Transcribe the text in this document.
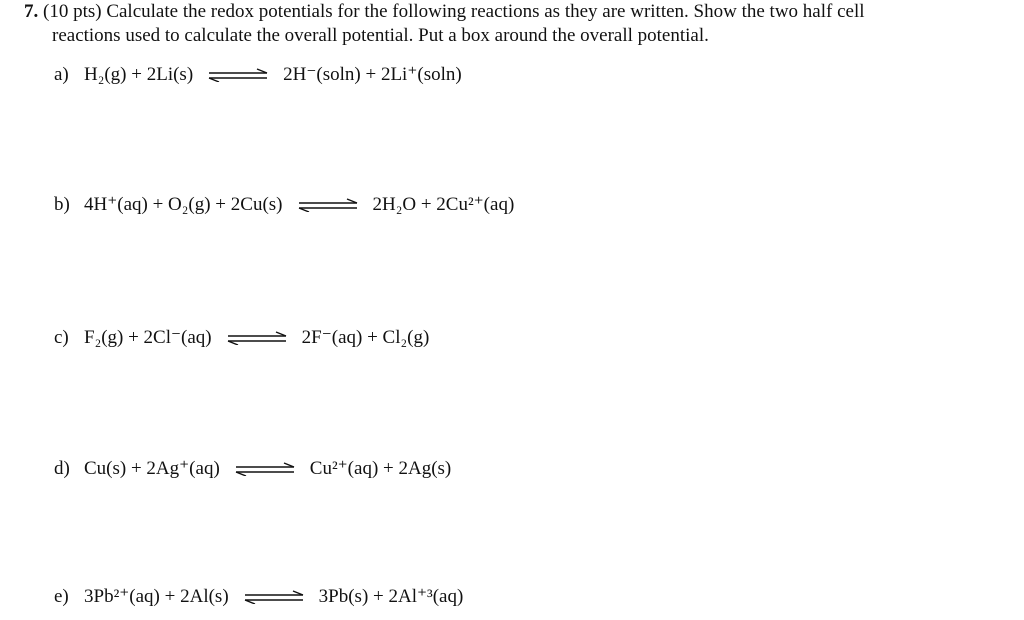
7. (10 pts) Calculate the redox potentials for the following reactions as they are written. Show the two half cell
reactions used to calculate the overall potential. Put a box around the overall potential.
a) H₂(g) + 2Li(s) ⇌ 2H⁻(soln) + 2Li⁺(soln)
b) 4H⁺(aq) + O₂(g) + 2Cu(s) ⇌ 2H₂O + 2Cu²⁺(aq)
c) F₂(g) + 2Cl⁻(aq) ⇌ 2F⁻(aq) + Cl₂(g)
d) Cu(s) + 2Ag⁺(aq) ⇌ Cu²⁺(aq) + 2Ag(s)
e) 3Pb²⁺(aq) + 2Al(s) ⇌ 3Pb(s) + 2Al⁺³(aq)
